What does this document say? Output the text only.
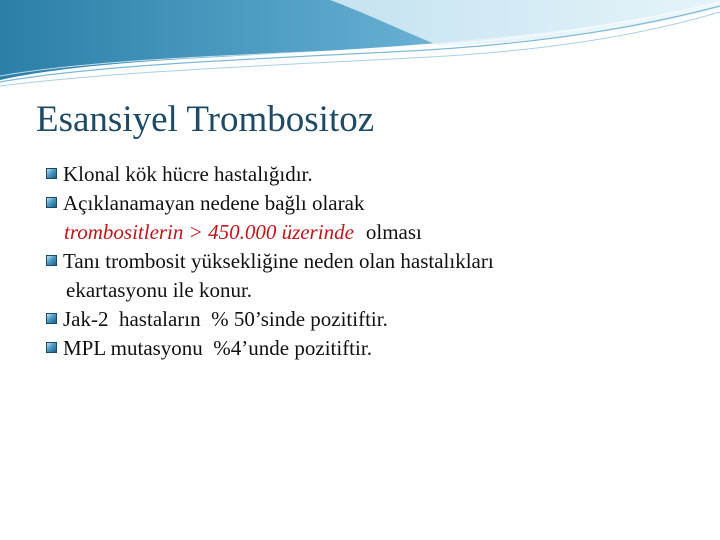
Esansiyel Trombositoz
Klonal kök hücre hastalığıdır.
Açıklanamayan nedene bağlı olarak
trombositlerin > 450.000 üzerinde olması
Tanı trombosit yüksekliğine neden olan hastalıkları
ekartasyonu ile konur.
Jak-2  hastaların  % 50’sinde pozitiftir.
MPL mutasyonu  %4’unde pozitiftir.
